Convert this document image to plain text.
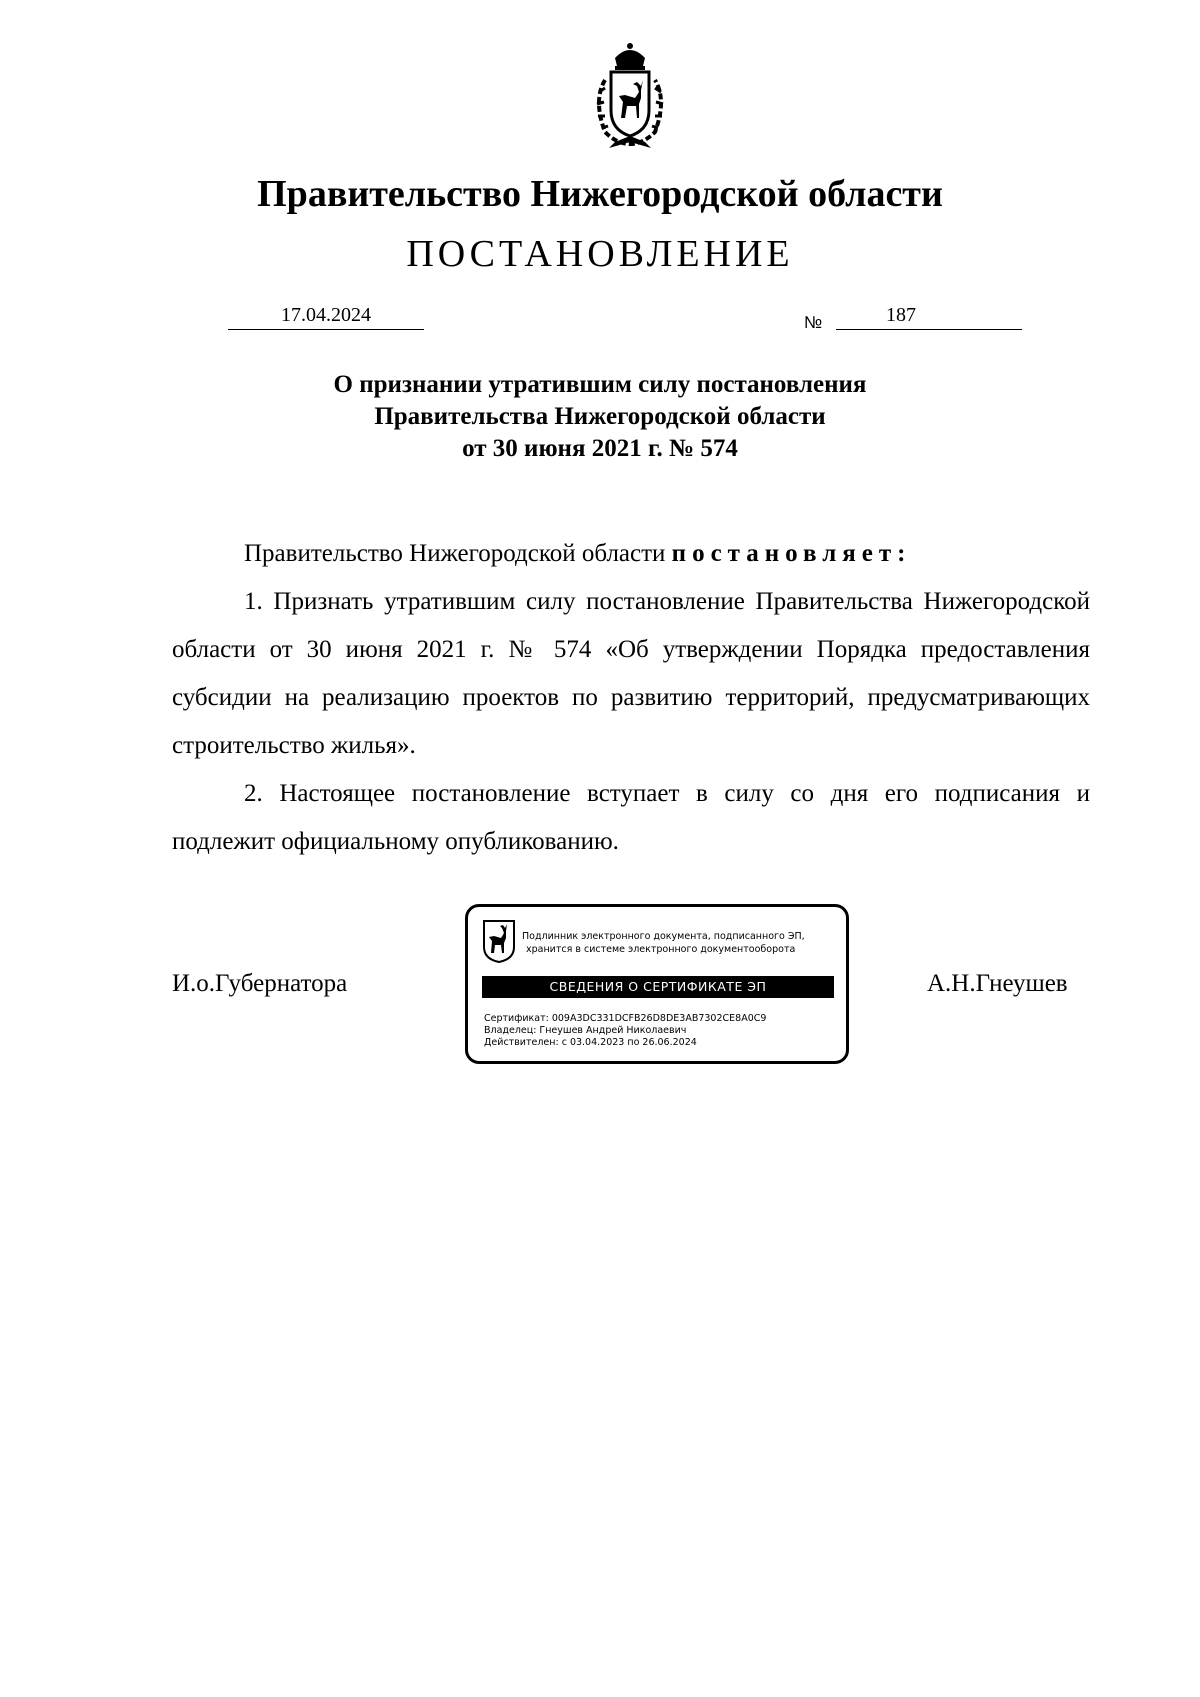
Правительство Нижегородской области
ПОСТАНОВЛЕНИЕ
17.04.2024	№	187
О признании утратившим силу постановления
Правительства Нижегородской области
от 30 июня 2021 г. № 574

Правительство Нижегородской области постановляет:

1. Признать утратившим силу постановление Правительства Нижегородской области от 30 июня 2021 г. № 574 «Об утверждении Порядка предоставления субсидии на реализацию проектов по развитию территорий, предусматривающих строительство жилья».

2. Настоящее постановление вступает в силу со дня его подписания и подлежит официальному опубликованию.

И.о.Губернатора	А.Н.Гнеушев
Подлинник электронного документа, подписанного ЭП,
хранится в системе электронного документооборота
СВЕДЕНИЯ О СЕРТИФИКАТЕ ЭП
Сертификат: 009A3DC331DCFB26D8DE3AB7302CE8A0C9
Владелец: Гнеушев Андрей Николаевич
Действителен: с 03.04.2023 по 26.06.2024
